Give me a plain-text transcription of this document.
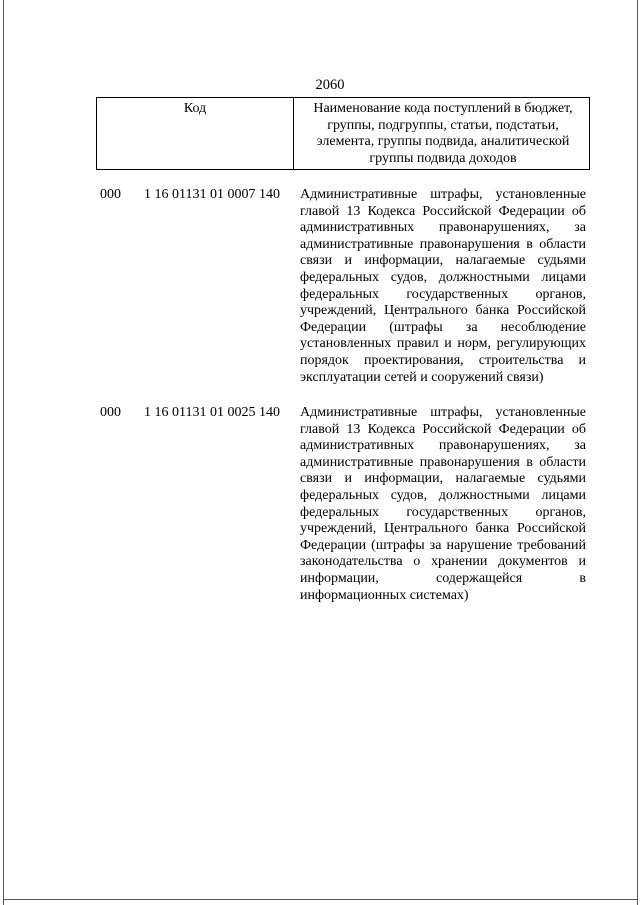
2060
Код	Наименование кода поступлений в бюджет, группы, подгруппы, статьи, подстатьи, элемента, группы подвида, аналитической группы подвида доходов
000 1 16 01131 01 0007 140 Административные штрафы, установленные главой 13 Кодекса Российской Федерации об административных правонарушениях, за административные правонарушения в области связи и информации, налагаемые судьями федеральных судов, должностными лицами федеральных государственных органов, учреждений, Центрального банка Российской Федерации (штрафы за несоблюдение установленных правил и норм, регулирующих порядок проектирования, строительства и эксплуатации сетей и сооружений связи)
000 1 16 01131 01 0025 140 Административные штрафы, установленные главой 13 Кодекса Российской Федерации об административных правонарушениях, за административные правонарушения в области связи и информации, налагаемые судьями федеральных судов, должностными лицами федеральных государственных органов, учреждений, Центрального банка Российской Федерации (штрафы за нарушение требований законодательства о хранении документов и информации, содержащейся в информационных системах)
